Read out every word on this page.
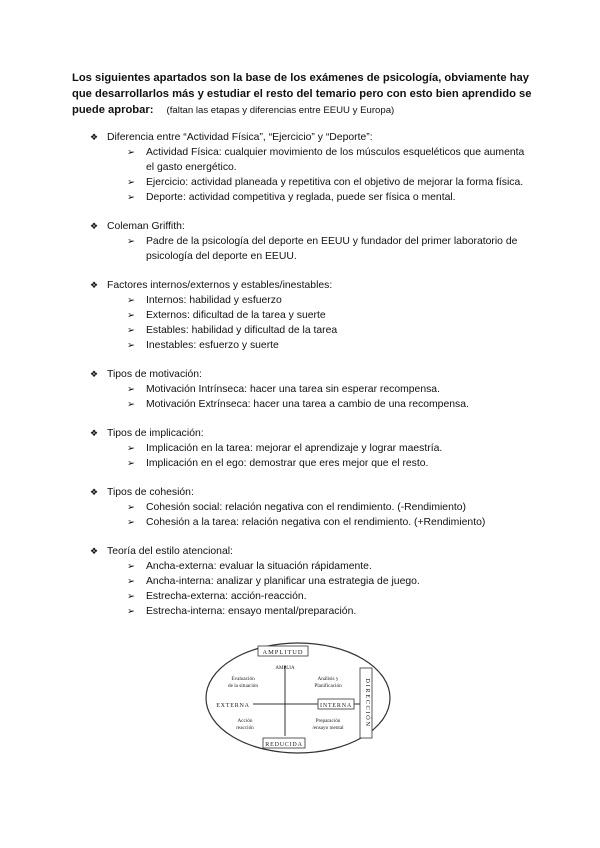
Los siguientes apartados son la base de los exámenes de psicología, obviamente hay que desarrollarlos más y estudiar el resto del temario pero con esto bien aprendido se puede aprobar: (faltan las etapas y diferencias entre EEUU y Europa)
❖ Diferencia entre “Actividad Física”, “Ejercicio” y “Deporte”:
➢	Actividad Física: cualquier movimiento de los músculos esqueléticos que aumenta el gasto energético.
➢	Ejercicio: actividad planeada y repetitiva con el objetivo de mejorar la forma física.
➢	Deporte: actividad competitiva y reglada, puede ser física o mental.
❖ Coleman Griffith:
➢	Padre de la psicología del deporte en EEUU y fundador del primer laboratorio de psicología del deporte en EEUU.
❖ Factores internos/externos y estables/inestables:
➢	Internos: habilidad y esfuerzo
➢	Externos: dificultad de la tarea y suerte
➢	Estables: habilidad y dificultad de la tarea
➢	Inestables: esfuerzo y suerte
❖ Tipos de motivación:
➢	Motivación Intrínseca: hacer una tarea sin esperar recompensa.
➢	Motivación Extrínseca: hacer una tarea a cambio de una recompensa.
❖ Tipos de implicación:
➢	Implicación en la tarea: mejorar el aprendizaje y lograr maestría.
➢	Implicación en el ego: demostrar que eres mejor que el resto.
❖ Tipos de cohesión:
➢	Cohesión social: relación negativa con el rendimiento. (-Rendimiento)
➢	Cohesión a la tarea: relación negativa con el rendimiento. (+Rendimiento)
❖ Teoría del estilo atencional:
➢	Ancha-externa: evaluar la situación rápidamente.
➢	Ancha-interna: analizar y planificar una estrategia de juego.
➢	Estrecha-externa: acción-reacción.
➢	Estrecha-interna: ensayo mental/preparación.
AMPLITUD
AMPLIA
Evaluación
de la situación
Análisis y
Planificación
EXTERNA	INTERNA
Acción
reacción
Preparación
/ensayo mental
REDUCIDA
DIRECCIÓN
